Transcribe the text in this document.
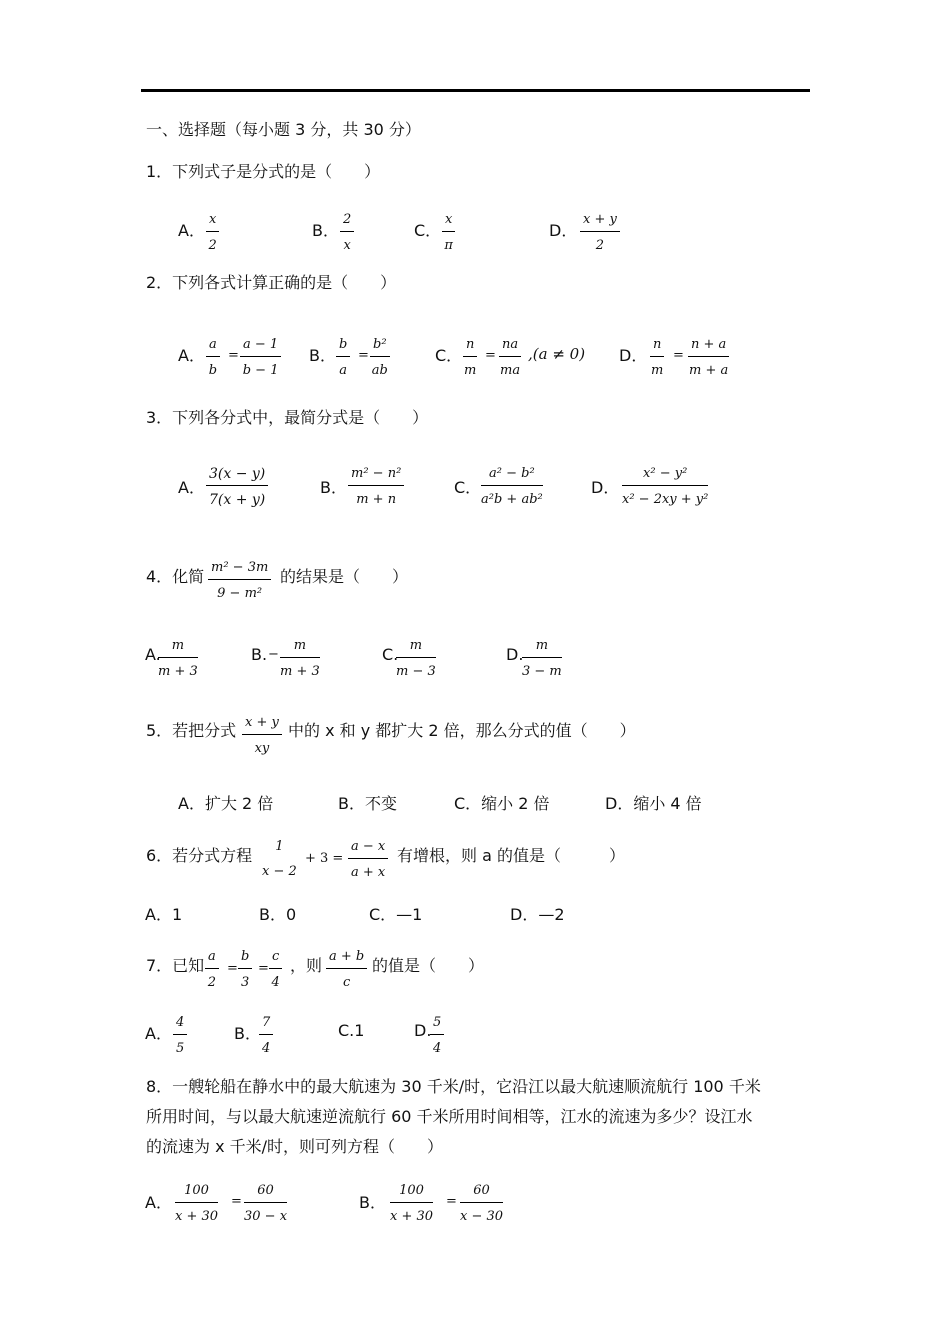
一、选择题（每小题 3 分，共 30 分）
1．下列式子是分式的是（　　）
A． $\frac{x}{2}$	B． $\frac{2}{x}$	C． $\frac{x}{\pi}$	D． $\frac{x + y}{2}$
2．下列各式计算正确的是（　　）
A． $\frac{a}{b} = \frac{a - 1}{b - 1}$ B． $\frac{b}{a} = \frac{\text{b²}}{ab}$	C． $\frac{n}{m} = \frac{na}{ma} ,(a \ne 0)$ D． $\frac{n}{m} = \frac{n + a}{m + a}$
3．下列各分式中，最简分式是（　　）
A． $\frac{3(x - y)}{7(x + y)}$	B． $\frac{\text{m² − n²}}{m + n}$	C． $\frac{\text{a² − b²}}{\text{a²b + ab²}}$	D． $\frac{\text{x² − y²}}{\text{x² − 2xy + y²}}$
4．化简 $\frac{\text{m² − 3m}}{\text{9 − m²}}$ 的结果是（　　）
A.
$\frac{m}{m + 3}$	B. − $\frac{m}{m + 3}$	C.
$\frac{m}{m - 3}$	D.
$\frac{m}{3 - m}$
5．若把分式 $\frac{x + y}{xy}$ 中的 x 和 y 都扩大 2 倍，那么分式的值（　　）
A．扩大 2 倍	B．不变	C．缩小 2 倍	D．缩小 4 倍
6．若分式方程	1
x − 2
+ $3 = \frac{a - x}{a + x}$ 有增根，则 a 的值是（　　　）
A．1	B．0	C．—1	D．—2
7．已知 $\frac{a}{2} = \frac{b}{3} = \frac{c}{4}$ ，则 $\frac{a + b}{c}$ 的值是（　　）
A． $\frac{4}{5}$	B．
$\frac{7}{4}$	C.1	D.
$\frac{5}{4}$
8．一艘轮船在静水中的最大航速为 30 千米/时，它沿江以最大航速顺流航行 100 千米
所用时间，与以最大航速逆流航行 60 千米所用时间相等，江水的流速为多少？设江水
的流速为 x 千米/时，则可列方程（　　）
A． $\frac{100}{x + 30} = \frac{60}{30 - x}$	B． $\frac{100}{x + 30} = \frac{60}{x - 30}$
